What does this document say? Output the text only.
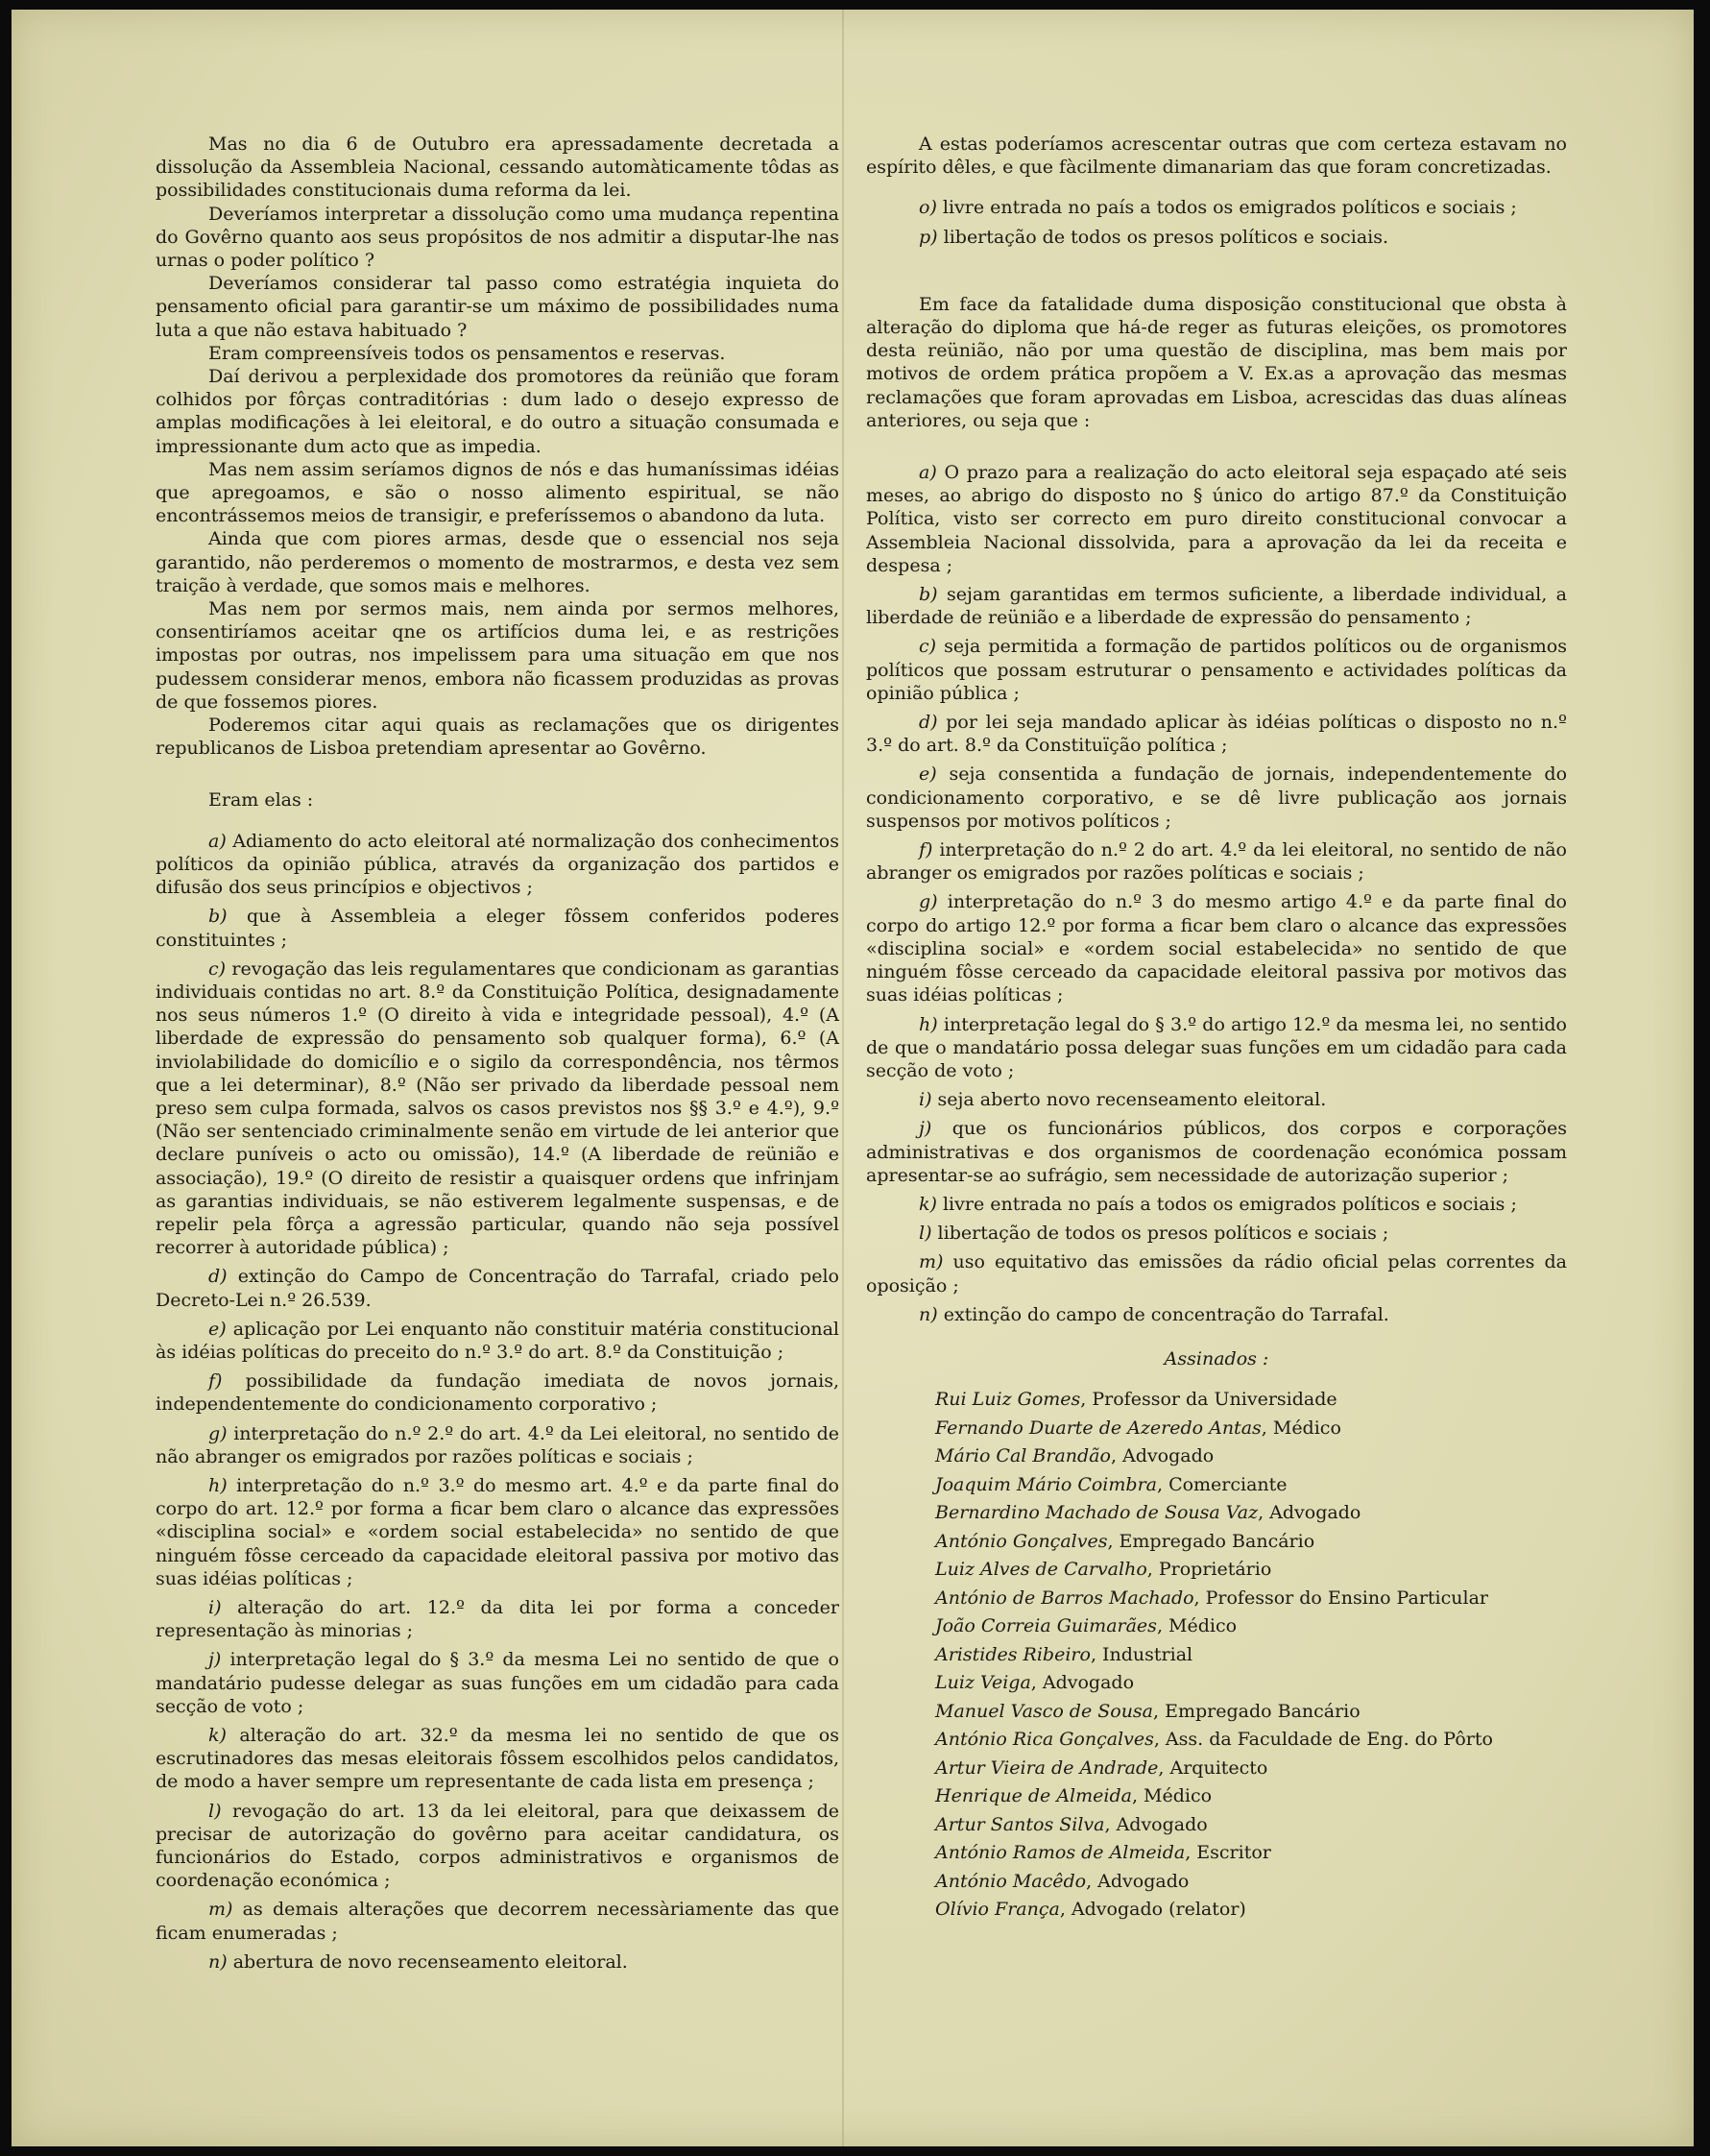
Mas no dia 6 de Outubro era apressadamente decretada a dissolução da Assembleia Nacional, cessando automàticamente tôdas as possibilidades constitucionais duma reforma da lei.

Deveríamos interpretar a dissolução como uma mudança repentina do Govêrno quanto aos seus propósitos de nos admitir a disputar-lhe nas urnas o poder político ?

Deveríamos considerar tal passo como estratégia inquieta do pensamento oficial para garantir-se um máximo de possibilidades numa luta a que não estava habituado ?

Eram compreensíveis todos os pensamentos e reservas.

Daí derivou a perplexidade dos promotores da reünião que foram colhidos por fôrças contraditórias : dum lado o desejo expresso de amplas modificações à lei eleitoral, e do outro a situação consumada e impressionante dum acto que as impedia.

Mas nem assim seríamos dignos de nós e das humaníssimas idéias que apregoamos, e são o nosso alimento espiritual, se não encontrássemos meios de transigir, e preferíssemos o abandono da luta.

Ainda que com piores armas, desde que o essencial nos seja garantido, não perderemos o momento de mostrarmos, e desta vez sem traição à verdade, que somos mais e melhores.

Mas nem por sermos mais, nem ainda por sermos melhores, consentiríamos aceitar qne os artifícios duma lei, e as restrições impostas por outras, nos impelissem para uma situação em que nos pudessem considerar menos, embora não ficassem produzidas as provas de que fossemos piores.

Poderemos citar aqui quais as reclamações que os dirigentes republicanos de Lisboa pretendiam apresentar ao Govêrno.

Eram elas :

a) Adiamento do acto eleitoral até normalização dos conhecimentos políticos da opinião pública, através da organização dos partidos e difusão dos seus princípios e objectivos ;

b) que à Assembleia a eleger fôssem conferidos poderes constituintes ;

c) revogação das leis regulamentares que condicionam as garantias individuais contidas no art. 8.º da Constituição Política, designadamente nos seus números 1.º (O direito à vida e integridade pessoal), 4.º (A liberdade de expressão do pensamento sob qualquer forma), 6.º (A inviolabilidade do domicílio e o sigilo da correspondência, nos têrmos que a lei determinar), 8.º (Não ser privado da liberdade pessoal nem preso sem culpa formada, salvos os casos previstos nos §§ 3.º e 4.º), 9.º (Não ser sentenciado criminalmente senão em virtude de lei anterior que declare puníveis o acto ou omissão), 14.º (A liberdade de reünião e associação), 19.º (O direito de resistir a quaisquer ordens que infrinjam as garantias individuais, se não estiverem legalmente suspensas, e de repelir pela fôrça a agressão particular, quando não seja possível recorrer à autoridade pública) ;

d) extinção do Campo de Concentração do Tarrafal, criado pelo Decreto-Lei n.º 26.539.

e) aplicação por Lei enquanto não constituir matéria constitucional às idéias políticas do preceito do n.º 3.º do art. 8.º da Constituição ;

f) possibilidade da fundação imediata de novos jornais, independentemente do condicionamento corporativo ;

g) interpretação do n.º 2.º do art. 4.º da Lei eleitoral, no sentido de não abranger os emigrados por razões políticas e sociais ;

h) interpretação do n.º 3.º do mesmo art. 4.º e da parte final do corpo do art. 12.º por forma a ficar bem claro o alcance das expressões «disciplina social» e «ordem social estabelecida» no sentido de que ninguém fôsse cerceado da capacidade eleitoral passiva por motivo das suas idéias políticas ;

i) alteração do art. 12.º da dita lei por forma a conceder representação às minorias ;

j) interpretação legal do § 3.º da mesma Lei no sentido de que o mandatário pudesse delegar as suas funções em um cidadão para cada secção de voto ;

k) alteração do art. 32.º da mesma lei no sentido de que os escrutinadores das mesas eleitorais fôssem escolhidos pelos candidatos, de modo a haver sempre um representante de cada lista em presença ;

l) revogação do art. 13 da lei eleitoral, para que deixassem de precisar de autorização do govêrno para aceitar candidatura, os funcionários do Estado, corpos administrativos e organismos de coordenação económica ;

m) as demais alterações que decorrem necessàriamente das que ficam enumeradas ;

n) abertura de novo recenseamento eleitoral.

A estas poderíamos acrescentar outras que com certeza estavam no espírito dêles, e que fàcilmente dimanariam das que foram concretizadas.

o) livre entrada no país a todos os emigrados políticos e sociais ;

p) libertação de todos os presos políticos e sociais.

Em face da fatalidade duma disposição constitucional que obsta à alteração do diploma que há-de reger as futuras eleições, os promotores desta reünião, não por uma questão de disciplina, mas bem mais por motivos de ordem prática propõem a V. Ex.as a aprovação das mesmas reclamações que foram aprovadas em Lisboa, acrescidas das duas alíneas anteriores, ou seja que :

a) O prazo para a realização do acto eleitoral seja espaçado até seis meses, ao abrigo do disposto no § único do artigo 87.º da Constituição Política, visto ser correcto em puro direito constitucional convocar a Assembleia Nacional dissolvida, para a aprovação da lei da receita e despesa ;

b) sejam garantidas em termos suficiente, a liberdade individual, a liberdade de reünião e a liberdade de expressão do pensamento ;

c) seja permitida a formação de partidos políticos ou de organismos políticos que possam estruturar o pensamento e actividades políticas da opinião pública ;

d) por lei seja mandado aplicar às idéias políticas o disposto no n.º 3.º do art. 8.º da Constituïção política ;

e) seja consentida a fundação de jornais, independentemente do condicionamento corporativo, e se dê livre publicação aos jornais suspensos por motivos políticos ;

f) interpretação do n.º 2 do art. 4.º da lei eleitoral, no sentido de não abranger os emigrados por razões políticas e sociais ;

g) interpretação do n.º 3 do mesmo artigo 4.º e da parte final do corpo do artigo 12.º por forma a ficar bem claro o alcance das expressões «disciplina social» e «ordem social estabelecida» no sentido de que ninguém fôsse cerceado da capacidade eleitoral passiva por motivos das suas idéias políticas ;

h) interpretação legal do § 3.º do artigo 12.º da mesma lei, no sentido de que o mandatário possa delegar suas funções em um cidadão para cada secção de voto ;

i) seja aberto novo recenseamento eleitoral.

j) que os funcionários públicos, dos corpos e corporações administrativas e dos organismos de coordenação económica possam apresentar-se ao sufrágio, sem necessidade de autorização superior ;

k) livre entrada no país a todos os emigrados políticos e sociais ;

l) libertação de todos os presos políticos e sociais ;

m) uso equitativo das emissões da rádio oficial pelas correntes da oposição ;

n) extinção do campo de concentração do Tarrafal.

Assinados :

Rui Luiz Gomes, Professor da Universidade

Fernando Duarte de Azeredo Antas, Médico

Mário Cal Brandão, Advogado

Joaquim Mário Coimbra, Comerciante

Bernardino Machado de Sousa Vaz, Advogado

António Gonçalves, Empregado Bancário

Luiz Alves de Carvalho, Proprietário

António de Barros Machado, Professor do Ensino Particular

João Correia Guimarães, Médico

Aristides Ribeiro, Industrial

Luiz Veiga, Advogado

Manuel Vasco de Sousa, Empregado Bancário

António Rica Gonçalves, Ass. da Faculdade de Eng. do Pôrto

Artur Vieira de Andrade, Arquitecto

Henrique de Almeida, Médico

Artur Santos Silva, Advogado

António Ramos de Almeida, Escritor

António Macêdo, Advogado

Olívio França, Advogado (relator)
